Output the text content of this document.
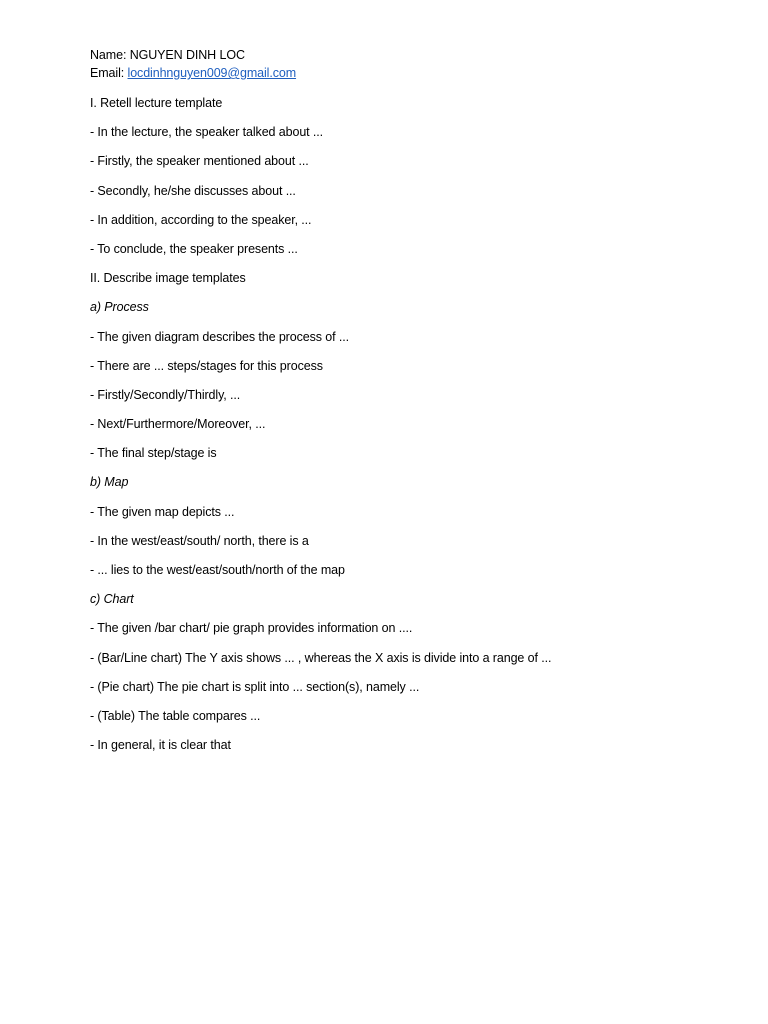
Name: NGUYEN DINH LOC
Email: locdinhnguyen009@gmail.com

I. Retell lecture template

- In the lecture, the speaker talked about ...

- Firstly, the speaker mentioned about ...

- Secondly, he/she discusses about ...

- In addition, according to the speaker, ...

- To conclude, the speaker presents ...

II. Describe image templates

a) Process

- The given diagram describes the process of ...

- There are ... steps/stages for this process

- Firstly/Secondly/Thirdly, ...

- Next/Furthermore/Moreover, ...

- The final step/stage is

b) Map

- The given map depicts ...

- In the west/east/south/ north, there is a

- ... lies to the west/east/south/north of the map

c) Chart

- The given /bar chart/ pie graph provides information on ....

- (Bar/Line chart) The Y axis shows ... , whereas the X axis is divide into a range of ...

- (Pie chart) The pie chart is split into ... section(s), namely ...

- (Table) The table compares ...

- In general, it is clear that
